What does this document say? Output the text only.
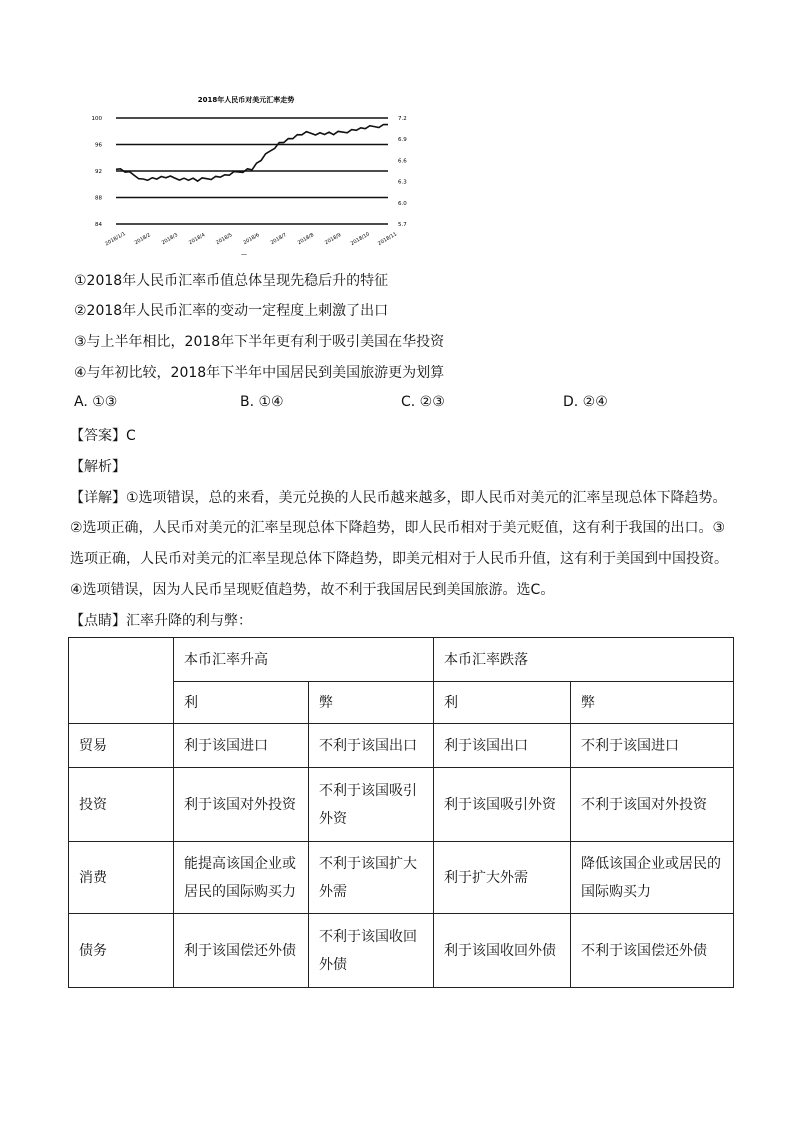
2018年人民币对美元汇率走势
100
96
92
88
84
7.2
6.9
6.6
6.3
6.0
5.7
2018/1/1 2018/2 2018/3 2018/4 2018/5 2018/6 2018/7 2018/8 2018/9 2018/10 2018/11
—
①2018年人民币汇率币值总体呈现先稳后升的特征
②2018年人民币汇率的变动一定程度上刺激了出口
③与上半年相比，2018年下半年更有利于吸引美国在华投资
④与年初比较，2018年下半年中国居民到美国旅游更为划算
A. ①③	B. ①④	C. ②③	D. ②④
【答案】C
【解析】
【详解】①选项错误，总的来看，美元兑换的人民币越来越多，即人民币对美元的汇率呈现总体下降趋势。
②选项正确，人民币对美元的汇率呈现总体下降趋势，即人民币相对于美元贬值，这有利于我国的出口。③
选项正确，人民币对美元的汇率呈现总体下降趋势，即美元相对于人民币升值，这有利于美国到中国投资。
④选项错误，因为人民币呈现贬值趋势，故不利于我国居民到美国旅游。选C。
【点睛】汇率升降的利与弊：
	本币汇率升高		本币汇率跌落	
	利	弊	利	弊
贸易	利于该国进口	不利于该国出口	利于该国出口	不利于该国进口
投资	利于该国对外投资	不利于该国吸引外资	利于该国吸引外资	不利于该国对外投资
消费	能提高该国企业或居民的国际购买力	不利于该国扩大外需	利于扩大外需	降低该国企业或居民的国际购买力
债务	利于该国偿还外债	不利于该国收回外债	利于该国收回外债	不利于该国偿还外债
